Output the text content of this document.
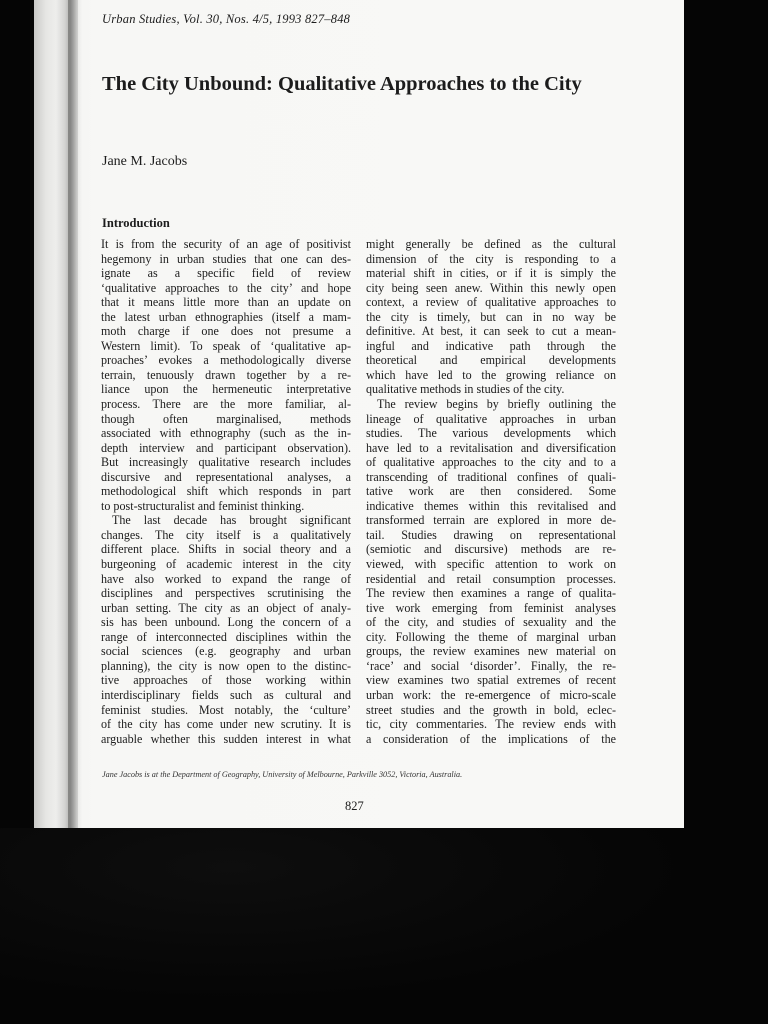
Urban Studies, Vol. 30, Nos. 4/5, 1993 827–848
The City Unbound: Qualitative Approaches to the City
Jane M. Jacobs
Introduction
It is from the security of an age of positivist
hegemony in urban studies that one can des-
ignate as a specific field of review
‘qualitative approaches to the city’ and hope
that it means little more than an update on
the latest urban ethnographies (itself a mam-
moth charge if one does not presume a
Western limit). To speak of ‘qualitative ap-
proaches’ evokes a methodologically diverse
terrain, tenuously drawn together by a re-
liance upon the hermeneutic interpretative
process. There are the more familiar, al-
though often marginalised, methods
associated with ethnography (such as the in-
depth interview and participant observation).
But increasingly qualitative research includes
discursive and representational analyses, a
methodological shift which responds in part
to post-structuralist and feminist thinking.
The last decade has brought significant
changes. The city itself is a qualitatively
different place. Shifts in social theory and a
burgeoning of academic interest in the city
have also worked to expand the range of
disciplines and perspectives scrutinising the
urban setting. The city as an object of analy-
sis has been unbound. Long the concern of a
range of interconnected disciplines within the
social sciences (e.g. geography and urban
planning), the city is now open to the distinc-
tive approaches of those working within
interdisciplinary fields such as cultural and
feminist studies. Most notably, the ‘culture’
of the city has come under new scrutiny. It is
arguable whether this sudden interest in what
might generally be defined as the cultural
dimension of the city is responding to a
material shift in cities, or if it is simply the
city being seen anew. Within this newly open
context, a review of qualitative approaches to
the city is timely, but can in no way be
definitive. At best, it can seek to cut a mean-
ingful and indicative path through the
theoretical and empirical developments
which have led to the growing reliance on
qualitative methods in studies of the city.
The review begins by briefly outlining the
lineage of qualitative approaches in urban
studies. The various developments which
have led to a revitalisation and diversification
of qualitative approaches to the city and to a
transcending of traditional confines of quali-
tative work are then considered. Some
indicative themes within this revitalised and
transformed terrain are explored in more de-
tail. Studies drawing on representational
(semiotic and discursive) methods are re-
viewed, with specific attention to work on
residential and retail consumption processes.
The review then examines a range of qualita-
tive work emerging from feminist analyses
of the city, and studies of sexuality and the
city. Following the theme of marginal urban
groups, the review examines new material on
‘race’ and social ‘disorder’. Finally, the re-
view examines two spatial extremes of recent
urban work: the re-emergence of micro-scale
street studies and the growth in bold, eclec-
tic, city commentaries. The review ends with
a consideration of the implications of the
Jane Jacobs is at the Department of Geography, University of Melbourne, Parkville 3052, Victoria, Australia.
827
